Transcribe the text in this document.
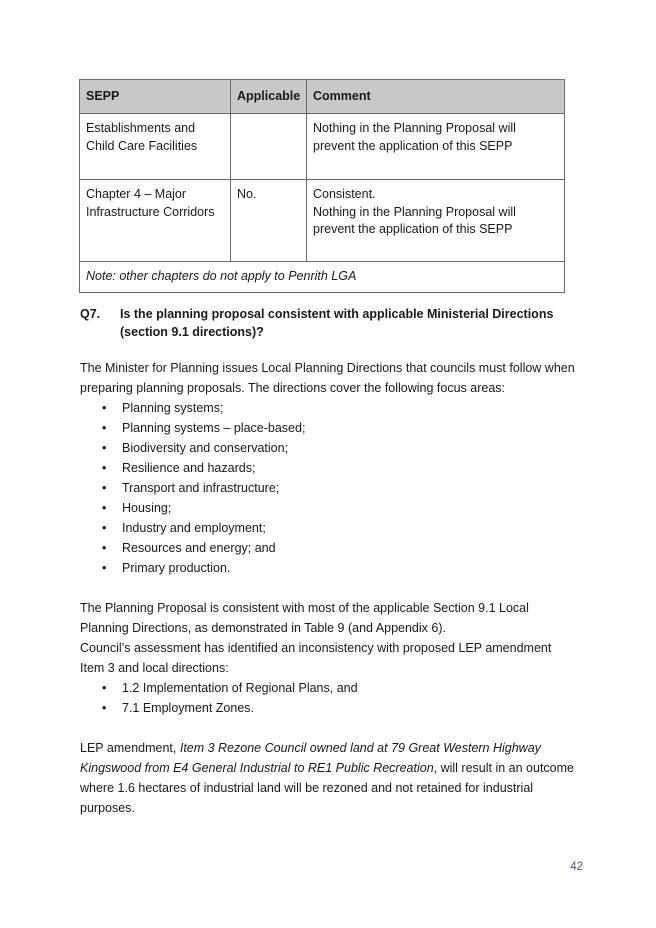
SEPP	Applicable	Comment
Establishments and
Child Care Facilities		Nothing in the Planning Proposal will
prevent the application of this SEPP
Chapter 4 – Major
Infrastructure Corridors	No.	Consistent.
Nothing in the Planning Proposal will
prevent the application of this SEPP
Note: other chapters do not apply to Penrith LGA		
Q7. Is the planning proposal consistent with applicable Ministerial Directions (section 9.1 directions)?

The Minister for Planning issues Local Planning Directions that councils must follow when preparing planning proposals. The directions cover the following focus areas:

• Planning systems;
• Planning systems – place-based;
• Biodiversity and conservation;
• Resilience and hazards;
• Transport and infrastructure;
• Housing;
• Industry and employment;
• Resources and energy; and
• Primary production.

The Planning Proposal is consistent with most of the applicable Section 9.1 Local Planning Directions, as demonstrated in Table 9 (and Appendix 6).

Council’s assessment has identified an inconsistency with proposed LEP amendment Item 3 and local directions:

• 1.2 Implementation of Regional Plans, and
• 7.1 Employment Zones.

LEP amendment, Item 3 Rezone Council owned land at 79 Great Western Highway Kingswood from E4 General Industrial to RE1 Public Recreation, will result in an outcome where 1.6 hectares of industrial land will be rezoned and not retained for industrial purposes.

42
